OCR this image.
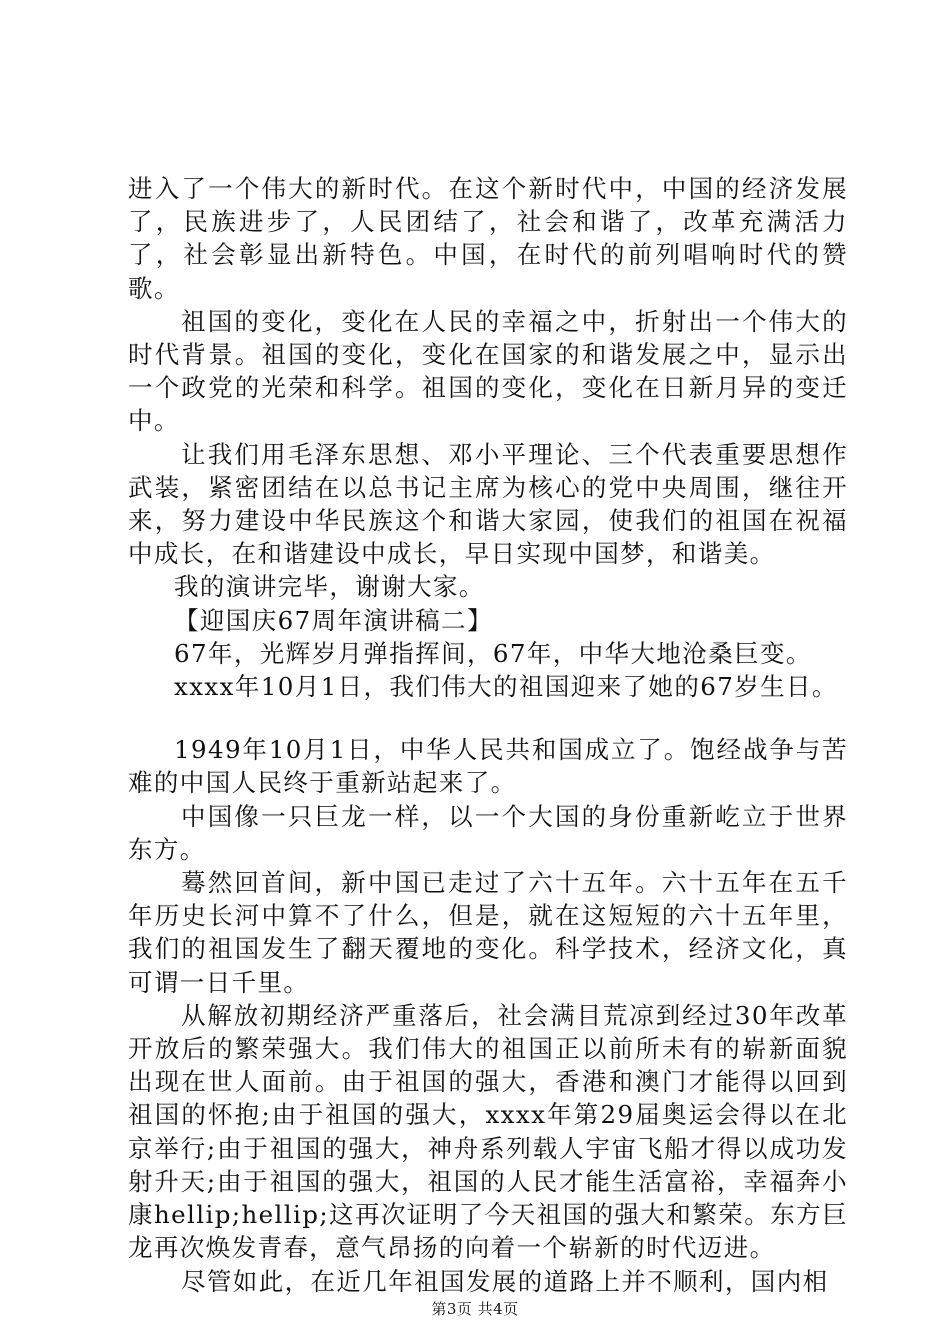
进入了一个伟大的新时代。在这个新时代中，中国的经济发展了，民族进步了，人民团结了，社会和谐了，改革充满活力了，社会彰显出新特色。中国，在时代的前列唱响时代的赞歌。

祖国的变化，变化在人民的幸福之中，折射出一个伟大的时代背景。祖国的变化，变化在国家的和谐发展之中，显示出一个政党的光荣和科学。祖国的变化，变化在日新月异的变迁中。

让我们用毛泽东思想、邓小平理论、三个代表重要思想作武装，紧密团结在以总书记主席为核心的党中央周围，继往开来，努力建设中华民族这个和谐大家园，使我们的祖国在祝福中成长，在和谐建设中成长，早日实现中国梦，和谐美。

我的演讲完毕，谢谢大家。

【迎国庆67周年演讲稿二】

67年，光辉岁月弹指挥间，67年，中华大地沧桑巨变。

xxxx年10月1日，我们伟大的祖国迎来了她的67岁生日。

1949年10月1日，中华人民共和国成立了。饱经战争与苦难的中国人民终于重新站起来了。

中国像一只巨龙一样，以一个大国的身份重新屹立于世界东方。

蓦然回首间，新中国已走过了六十五年。六十五年在五千年历史长河中算不了什么，但是，就在这短短的六十五年里，我们的祖国发生了翻天覆地的变化。科学技术，经济文化，真可谓一日千里。

从解放初期经济严重落后，社会满目荒凉到经过30年改革开放后的繁荣强大。我们伟大的祖国正以前所未有的崭新面貌出现在世人面前。由于祖国的强大，香港和澳门才能得以回到祖国的怀抱;由于祖国的强大，xxxx年第29届奥运会得以在北京举行;由于祖国的强大，神舟系列载人宇宙飞船才得以成功发射升天;由于祖国的强大，祖国的人民才能生活富裕，幸福奔小康hellip;hellip;这再次证明了今天祖国的强大和繁荣。东方巨龙再次焕发青春，意气昂扬的向着一个崭新的时代迈进。

尽管如此，在近几年祖国发展的道路上并不顺利，国内相

第3页 共4页
